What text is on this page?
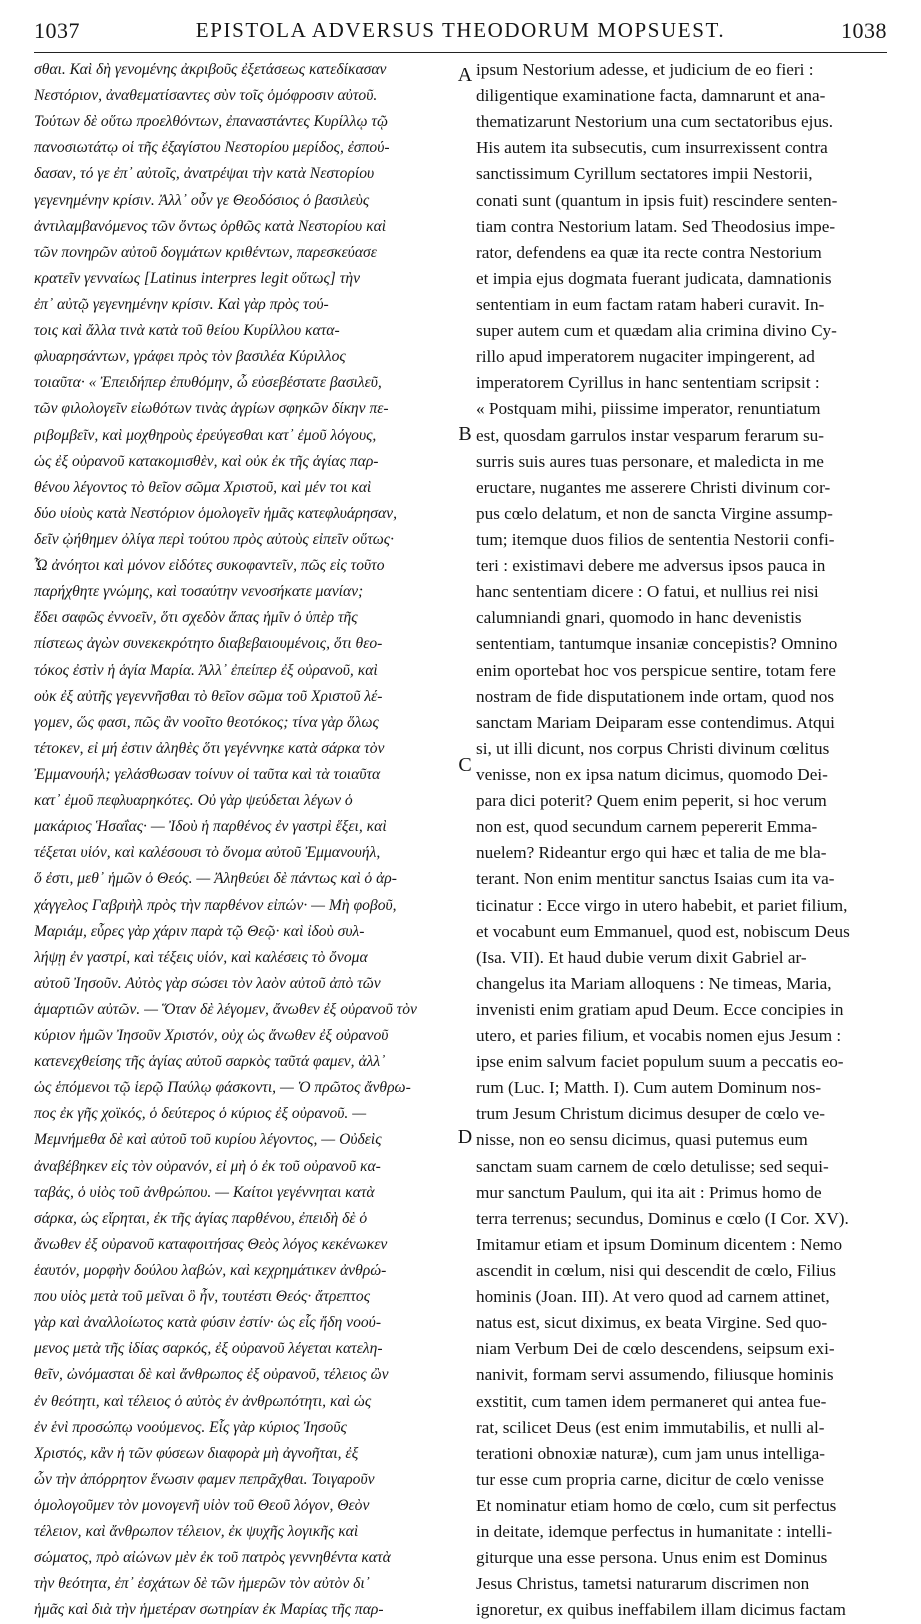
1037	EPISTOLA ADVERSUS THEODORUM MOPSUEST.	1038
σθαι. Καὶ δὴ γενομένης ἀκριβοῦς ἐξετάσεως κατεδίκασαν
Νεστόριον, ἀναθεματίσαντες σὺν τοῖς ὁμόφροσιν αὐτοῦ.
Τούτων δὲ οὕτω προελθόντων, ἐπαναστάντες Κυρίλλῳ τῷ
πανοσιωτάτῳ οἱ τῆς ἐξαγίστου Νεστορίου μερίδος, ἐσπού-
δασαν, τό γε ἐπ᾽ αὐτοῖς, ἀνατρέψαι τὴν κατὰ Νεστορίου
γεγενημένην κρίσιν. Ἀλλ᾽ οὖν γε Θεοδόσιος ὁ βασιλεὺς
ἀντιλαμβανόμενος τῶν ὄντως ὀρθῶς κατὰ Νεστορίου καὶ
τῶν πονηρῶν αὐτοῦ δογμάτων κριθέντων, παρεσκεύασε
κρατεῖν γενναίως [Latinus interpres legit οὕτως] τὴν
ἐπ᾽ αὐτῷ γεγενημένην κρίσιν. Καὶ γὰρ πρὸς τού-
τοις καὶ ἄλλα τινὰ κατὰ τοῦ θείου Κυρίλλου κατα-
φλυαρησάντων, γράφει πρὸς τὸν βασιλέα Κύριλλος
τοιαῦτα· « Ἐπειδήπερ ἐπυθόμην, ὦ εὐσεβέστατε βασιλεῦ,
τῶν φιλολογεῖν εἰωθότων τινὰς ἀγρίων σφηκῶν δίκην πε-
ριβομβεῖν, καὶ μοχθηροὺς ἐρεύγεσθαι κατ᾽ ἐμοῦ λόγους,
ὡς ἐξ οὐρανοῦ κατακομισθὲν, καὶ οὐκ ἐκ τῆς ἁγίας παρ-
θένου λέγοντος τὸ θεῖον σῶμα Χριστοῦ, καὶ μέν τοι καὶ
δύο υἱοὺς κατὰ Νεστόριον ὁμολογεῖν ἡμᾶς κατεφλυάρησαν,
δεῖν ᾠήθημεν ὀλίγα περὶ τούτου πρὸς αὐτοὺς εἰπεῖν οὕτως·
Ὦ ἀνόητοι καὶ μόνον εἰδότες συκοφαντεῖν, πῶς εἰς τοῦτο
παρήχθητε γνώμης, καὶ τοσαύτην νενοσήκατε μανίαν;
ἔδει σαφῶς ἐννοεῖν, ὅτι σχεδὸν ἅπας ἡμῖν ὁ ὑπὲρ τῆς
πίστεως ἀγὼν συνεκεκρότητο διαβεβαιουμένοις, ὅτι θεο-
τόκος ἐστὶν ἡ ἁγία Μαρία. Ἀλλ᾽ ἐπείπερ ἐξ οὐρανοῦ, καὶ
οὐκ ἐξ αὐτῆς γεγεννῆσθαι τὸ θεῖον σῶμα τοῦ Χριστοῦ λέ-
γομεν, ὥς φασι, πῶς ἂν νοοῖτο θεοτόκος; τίνα γὰρ ὅλως
τέτοκεν, εἰ μή ἐστιν ἀληθὲς ὅτι γεγέννηκε κατὰ σάρκα τὸν
Ἐμμανουήλ; γελάσθωσαν τοίνυν οἱ ταῦτα καὶ τὰ τοιαῦτα
κατ᾽ ἐμοῦ πεφλυαρηκότες. Οὐ γὰρ ψεύδεται λέγων ὁ
μακάριος Ἡσαΐας· — Ἰδοὺ ἡ παρθένος ἐν γαστρὶ ἕξει, καὶ
τέξεται υἱόν, καὶ καλέσουσι τὸ ὄνομα αὐτοῦ Ἐμμανουήλ,
ὅ ἐστι, μεθ᾽ ἡμῶν ὁ Θεός. — Ἀληθεύει δὲ πάντως καὶ ὁ ἀρ-
χάγγελος Γαβριὴλ πρὸς τὴν παρθένον εἰπών· — Μὴ φοβοῦ,
Μαριάμ, εὗρες γὰρ χάριν παρὰ τῷ Θεῷ· καὶ ἰδοὺ συλ-
λήψῃ ἐν γαστρί, καὶ τέξεις υἱόν, καὶ καλέσεις τὸ ὄνομα
αὐτοῦ Ἰησοῦν. Αὐτὸς γὰρ σώσει τὸν λαὸν αὐτοῦ ἀπὸ τῶν
ἁμαρτιῶν αὐτῶν. — Ὅταν δὲ λέγομεν, ἄνωθεν ἐξ οὐρανοῦ τὸν
κύριον ἡμῶν Ἰησοῦν Χριστόν, οὐχ ὡς ἄνωθεν ἐξ οὐρανοῦ
κατενεχθείσης τῆς ἁγίας αὐτοῦ σαρκὸς ταῦτά φαμεν, ἀλλ᾽
ὡς ἑπόμενοι τῷ ἱερῷ Παύλῳ φάσκοντι, — Ὁ πρῶτος ἄνθρω-
πος ἐκ γῆς χοϊκός, ὁ δεύτερος ὁ κύριος ἐξ οὐρανοῦ. —
Μεμνήμεθα δὲ καὶ αὐτοῦ τοῦ κυρίου λέγοντος, — Οὐδεὶς
ἀναβέβηκεν εἰς τὸν οὐρανόν, εἰ μὴ ὁ ἐκ τοῦ οὐρανοῦ κα-
ταβάς, ὁ υἱὸς τοῦ ἀνθρώπου. — Καίτοι γεγέννηται κατὰ
σάρκα, ὡς εἴρηται, ἐκ τῆς ἁγίας παρθένου, ἐπειδὴ δὲ ὁ
ἄνωθεν ἐξ οὐρανοῦ καταφοιτήσας Θεὸς λόγος κεκένωκεν
ἑαυτόν, μορφὴν δούλου λαβών, καὶ κεχρημάτικεν ἀνθρώ-
που υἱὸς μετὰ τοῦ μεῖναι ὃ ἦν, τουτέστι Θεός· ἄτρεπτος
γὰρ καὶ ἀναλλοίωτος κατὰ φύσιν ἐστίν· ὡς εἷς ἤδη νοού-
μενος μετὰ τῆς ἰδίας σαρκός, ἐξ οὐρανοῦ λέγεται κατελη-
θεῖν, ὠνόμασται δὲ καὶ ἄνθρωπος ἐξ οὐρανοῦ, τέλειος ὢν
ἐν θεότητι, καὶ τέλειος ὁ αὐτὸς ἐν ἀνθρωπότητι, καὶ ὡς
ἐν ἑνὶ προσώπῳ νοούμενος. Εἷς γὰρ κύριος Ἰησοῦς
Χριστός, κἂν ἡ τῶν φύσεων διαφορὰ μὴ ἀγνοῆται, ἐξ
ὧν τὴν ἀπόρρητον ἕνωσιν φαμεν πεπρᾶχθαι. Τοιγαροῦν
ὁμολογοῦμεν τὸν μονογενῆ υἱὸν τοῦ Θεοῦ λόγον, Θεὸν
τέλειον, καὶ ἄνθρωπον τέλειον, ἐκ ψυχῆς λογικῆς καὶ
σώματος, πρὸ αἰώνων μὲν ἐκ τοῦ πατρὸς γεννηθέντα κατὰ
τὴν θεότητα, ἐπ᾽ ἐσχάτων δὲ τῶν ἡμερῶν τὸν αὐτὸν δι᾽
ἡμᾶς καὶ διὰ τὴν ἡμετέραν σωτηρίαν ἐκ Μαρίας τῆς παρ-
ipsum Nestorium adesse, et judicium de eo fieri :
diligentique examinatione facta, damnarunt et ana-
thematizarunt Nestorium una cum sectatoribus ejus.
His autem ita subsecutis, cum insurrexissent contra
sanctissimum Cyrillum sectatores impii Nestorii,
conati sunt (quantum in ipsis fuit) rescindere senten-
tiam contra Nestorium latam. Sed Theodosius impe-
rator, defendens ea quæ ita recte contra Nestorium
et impia ejus dogmata fuerant judicata, damnationis
sententiam in eum factam ratam haberi curavit. In-
super autem cum et quædam alia crimina divino Cy-
rillo apud imperatorem nugaciter impingerent, ad
imperatorem Cyrillus in hanc sententiam scripsit :
« Postquam mihi, piissime imperator, renuntiatum
est, quosdam garrulos instar vesparum ferarum su-
surris suis aures tuas personare, et maledicta in me
eructare, nugantes me asserere Christi divinum cor-
pus cœlo delatum, et non de sancta Virgine assump-
tum; itemque duos filios de sententia Nestorii confi-
teri : existimavi debere me adversus ipsos pauca in
hanc sententiam dicere : O fatui, et nullius rei nisi
calumniandi gnari, quomodo in hanc devenistis
sententiam, tantumque insaniæ concepistis? Omnino
enim oportebat hoc vos perspicue sentire, totam fere
nostram de fide disputationem inde ortam, quod nos
sanctam Mariam Deiparam esse contendimus. Atqui
si, ut illi dicunt, nos corpus Christi divinum cœlitus
venisse, non ex ipsa natum dicimus, quomodo Dei-
para dici poterit? Quem enim peperit, si hoc verum
non est, quod secundum carnem pepererit Emma-
nuelem? Rideantur ergo qui hæc et talia de me bla-
terant. Non enim mentitur sanctus Isaias cum ita va-
ticinatur : Ecce virgo in utero habebit, et pariet filium,
et vocabunt eum Emmanuel, quod est, nobiscum Deus
(Isa. VII). Et haud dubie verum dixit Gabriel ar-
changelus ita Mariam alloquens : Ne timeas, Maria,
invenisti enim gratiam apud Deum. Ecce concipies in
utero, et paries filium, et vocabis nomen ejus Jesum :
ipse enim salvum faciet populum suum a peccatis eo-
rum (Luc. I; Matth. I). Cum autem Dominum nos-
trum Jesum Christum dicimus desuper de cœlo ve-
nisse, non eo sensu dicimus, quasi putemus eum
sanctam suam carnem de cœlo detulisse; sed sequi-
mur sanctum Paulum, qui ita ait : Primus homo de
terra terrenus; secundus, Dominus e cœlo (I Cor. XV).
Imitamur etiam et ipsum Dominum dicentem : Nemo
ascendit in cœlum, nisi qui descendit de cœlo, Filius
hominis (Joan. III). At vero quod ad carnem attinet,
natus est, sicut diximus, ex beata Virgine. Sed quo-
niam Verbum Dei de cœlo descendens, seipsum exi-
nanivit, formam servi assumendo, filiusque hominis
exstitit, cum tamen idem permaneret qui antea fue-
rat, scilicet Deus (est enim immutabilis, et nulli al-
terationi obnoxiæ naturæ), cum jam unus intelliga-
tur esse cum propria carne, dicitur de cœlo venisse
Et nominatur etiam homo de cœlo, cum sit perfectus
in deitate, idemque perfectus in humanitate : intelli-
giturque una esse persona. Unus enim est Dominus
Jesus Christus, tametsi naturarum discrimen non
ignoretur, ex quibus ineffabilem illam dicimus factam
A
B
C
D
